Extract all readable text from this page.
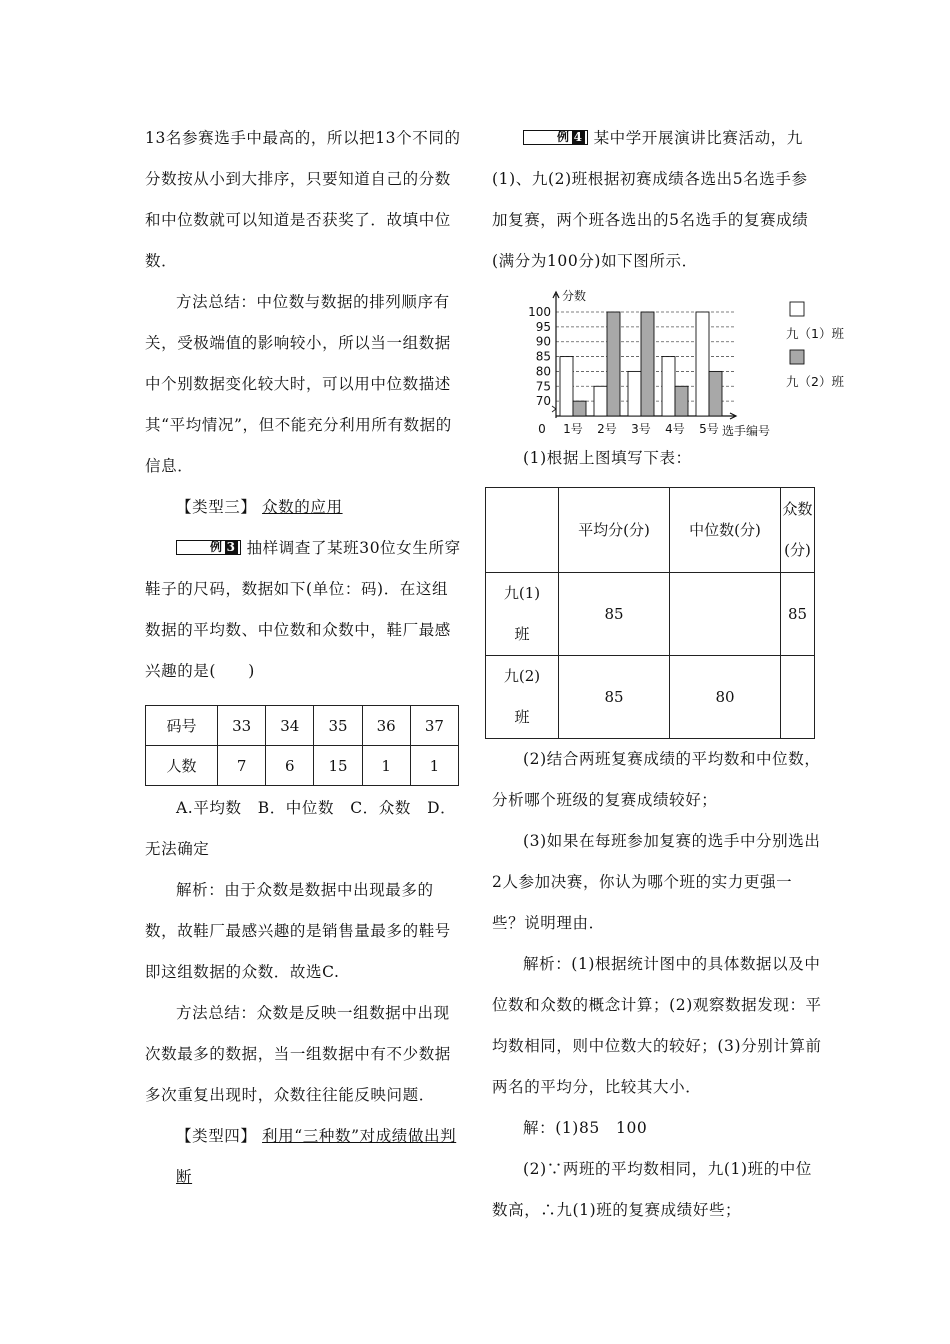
13名参赛选手中最高的，所以把13个不同的分数按从小到大排序，只要知道自己的分数和中位数就可以知道是否获奖了．故填中位数．

方法总结：中位数与数据的排列顺序有关，受极端值的影响较小，所以当一组数据中个别数据变化较大时，可以用中位数描述其“平均情况”，但不能充分利用所有数据的信息．

【类型三】 众数的应用

例 3 抽样调查了某班30位女生所穿鞋子的尺码，数据如下(单位：码)．在这组数据的平均数、中位数和众数中，鞋厂最感兴趣的是(　　)

码号	33	34	35	36	37
人数	7	6	15	1	1

A.平均数　B．中位数　C．众数　D．无法确定

解析：由于众数是数据中出现最多的数，故鞋厂最感兴趣的是销售量最多的鞋号即这组数据的众数．故选C.

方法总结：众数是反映一组数据中出现次数最多的数据，当一组数据中有不少数据多次重复出现时，众数往往能反映问题．

【类型四】 利用“三种数”对成绩做出判断

例 4 某中学开展演讲比赛活动，九(1)、九(2)班根据初赛成绩各选出5名选手参加复赛，两个班各选出的5名选手的复赛成绩(满分为100分)如下图所示．

70
75
80
85
90
95
100
0
分数
选手编号
1号 2号 3号 4号 5号
九（1）班
九（2）班

(1)根据上图填写下表：

	平均分(分)	中位数(分)	众数(分)
九(1)班	85		85
九(2)班	85	80	

(2)结合两班复赛成绩的平均数和中位数，分析哪个班级的复赛成绩较好；

(3)如果在每班参加复赛的选手中分别选出2人参加决赛，你认为哪个班的实力更强一些？说明理由．

解析：(1)根据统计图中的具体数据以及中位数和众数的概念计算；(2)观察数据发现：平均数相同，则中位数大的较好；(3)分别计算前两名的平均分，比较其大小．

解：(1)85　100

(2)∵两班的平均数相同，九(1)班的中位数高，∴九(1)班的复赛成绩好些；
